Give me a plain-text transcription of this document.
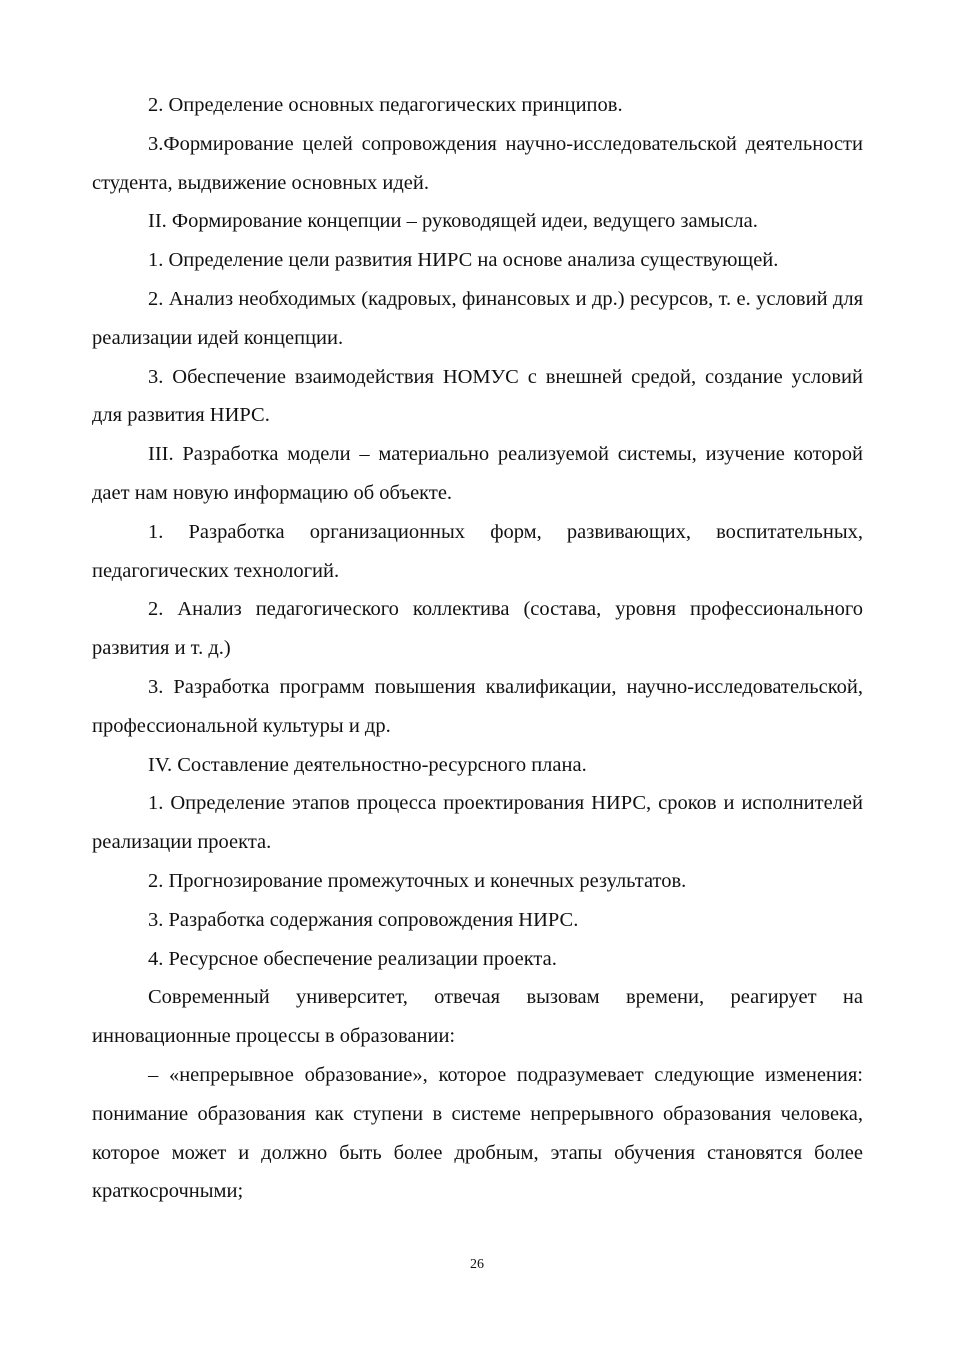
2. Определение основных педагогических принципов.

3.Формирование целей сопровождения научно-исследовательской деятельности студента, выдвижение основных идей.

II. Формирование концепции – руководящей идеи, ведущего замысла.

1. Определение цели развития НИРС на основе анализа существующей.

2. Анализ необходимых (кадровых, финансовых и др.) ресурсов, т. е. условий для реализации идей концепции.

3. Обеспечение взаимодействия НОМУС с внешней средой, создание условий для развития НИРС.

III. Разработка модели – материально реализуемой системы, изучение которой дает нам новую информацию об объекте.

1. Разработка организационных форм, развивающих, воспитательных, педагогических технологий.

2. Анализ педагогического коллектива (состава, уровня профессионального развития и т. д.)

3. Разработка программ повышения квалификации, научно-исследовательской, профессиональной культуры и др.

IV. Составление деятельностно-ресурсного плана.

1. Определение этапов процесса проектирования НИРС, сроков и исполнителей реализации проекта.

2. Прогнозирование промежуточных и конечных результатов.

3. Разработка содержания сопровождения НИРС.

4. Ресурсное обеспечение реализации проекта.

Современный университет, отвечая вызовам времени, реагирует на инновационные процессы в образовании:

– «непрерывное образование», которое подразумевает следующие изменения: понимание образования как ступени в системе непрерывного образования человека, которое может и должно быть более дробным, этапы обучения становятся более краткосрочными;

26
